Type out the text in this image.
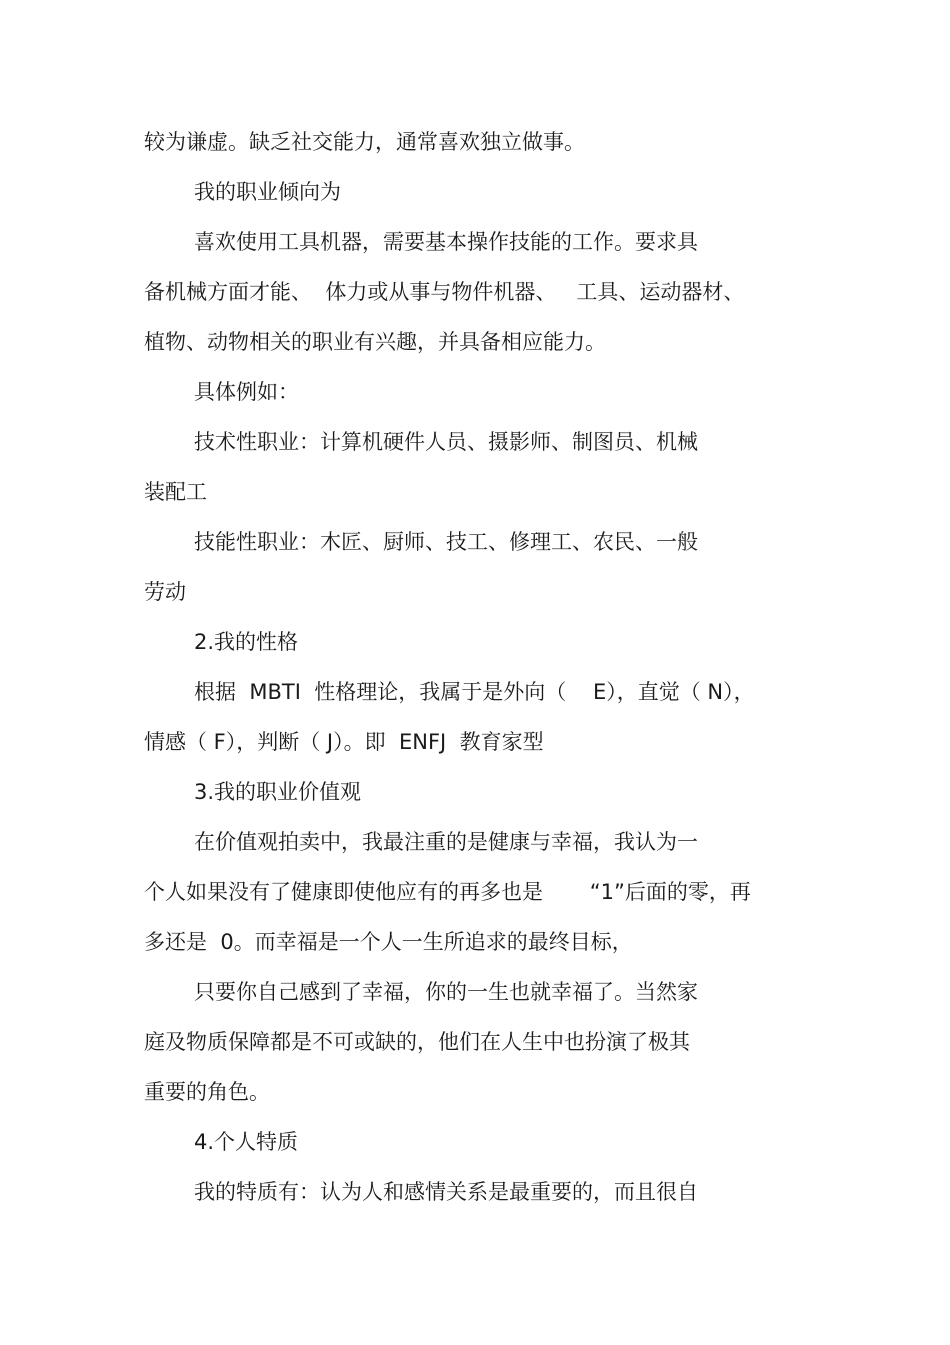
较为谦虚。缺乏社交能力，通常喜欢独立做事。

我的职业倾向为

喜欢使用工具机器，需要基本操作技能的工作。要求具

备机械方面才能、  体力或从事与物件机器、   工具、运动器材、

植物、动物相关的职业有兴趣，并具备相应能力。

具体例如：

技术性职业：计算机硬件人员、摄影师、制图员、机械

装配工

技能性职业：木匠、厨师、技工、修理工、农民、一般

劳动

2.我的性格

根据  MBTI  性格理论，我属于是外向（    E），直觉（ N），

情感（ F），判断（ J）。即  ENFJ  教育家型

3.我的职业价值观

在价值观拍卖中，我最注重的是健康与幸福，我认为一

个人如果没有了健康即使他应有的再多也是       “1”后面的零，再

多还是  0。而幸福是一个人一生所追求的最终目标，

只要你自己感到了幸福，你的一生也就幸福了。当然家

庭及物质保障都是不可或缺的，他们在人生中也扮演了极其

重要的角色。

4.个人特质

我的特质有：认为人和感情关系是最重要的，而且很自
